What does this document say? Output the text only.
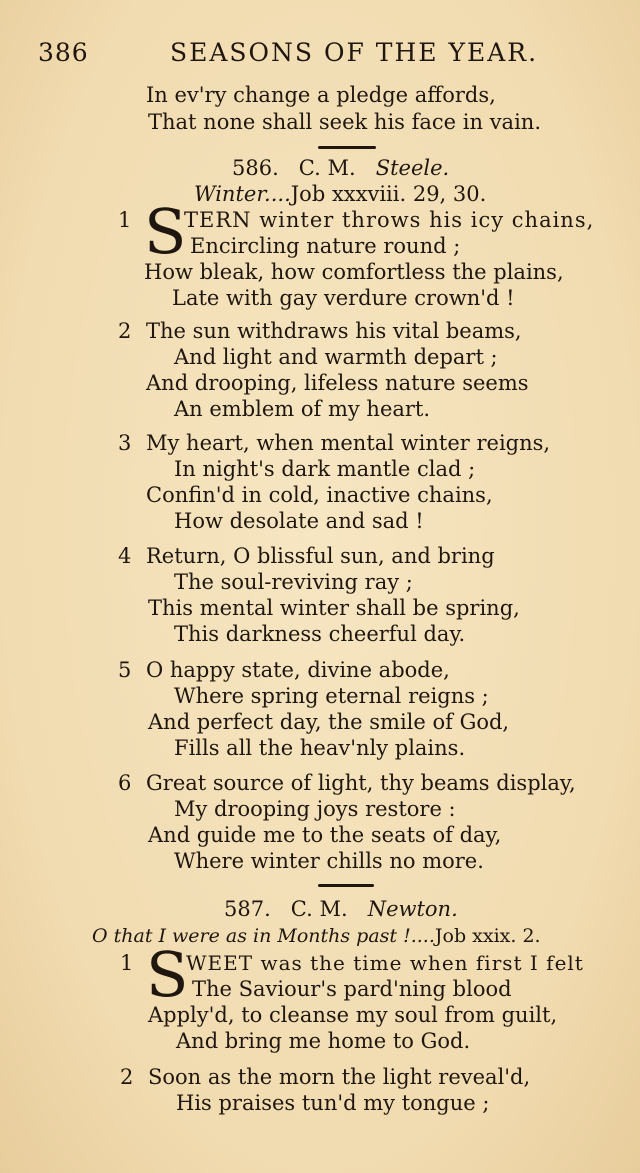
386	SEASONS OF THE YEAR.
In ev'ry change a pledge affords,
That none shall seek his face in vain.
586. C. M. Steele.
Winter....Job xxxviii. 29, 30.
1 S
TERN winter throws his icy chains,
Encircling nature round ;
How bleak, how comfortless the plains,
Late with gay verdure crown'd !
2 The sun withdraws his vital beams,
And light and warmth depart ;
And drooping, lifeless nature seems
An emblem of my heart.
3 My heart, when mental winter reigns,
In night's dark mantle clad ;
Confin'd in cold, inactive chains,
How desolate and sad !
4 Return, O blissful sun, and bring
The soul-reviving ray ;
This mental winter shall be spring,
This darkness cheerful day.
5 O happy state, divine abode,
Where spring eternal reigns ;
And perfect day, the smile of God,
Fills all the heav'nly plains.
6 Great source of light, thy beams display,
My drooping joys restore :
And guide me to the seats of day,
Where winter chills no more.
587. C. M. Newton.
O that I were as in Months past !....Job xxix. 2.
1 S
WEET was the time when first I felt
The Saviour's pard'ning blood
Apply'd, to cleanse my soul from guilt,
And bring me home to God.
2 Soon as the morn the light reveal'd,
His praises tun'd my tongue ;
